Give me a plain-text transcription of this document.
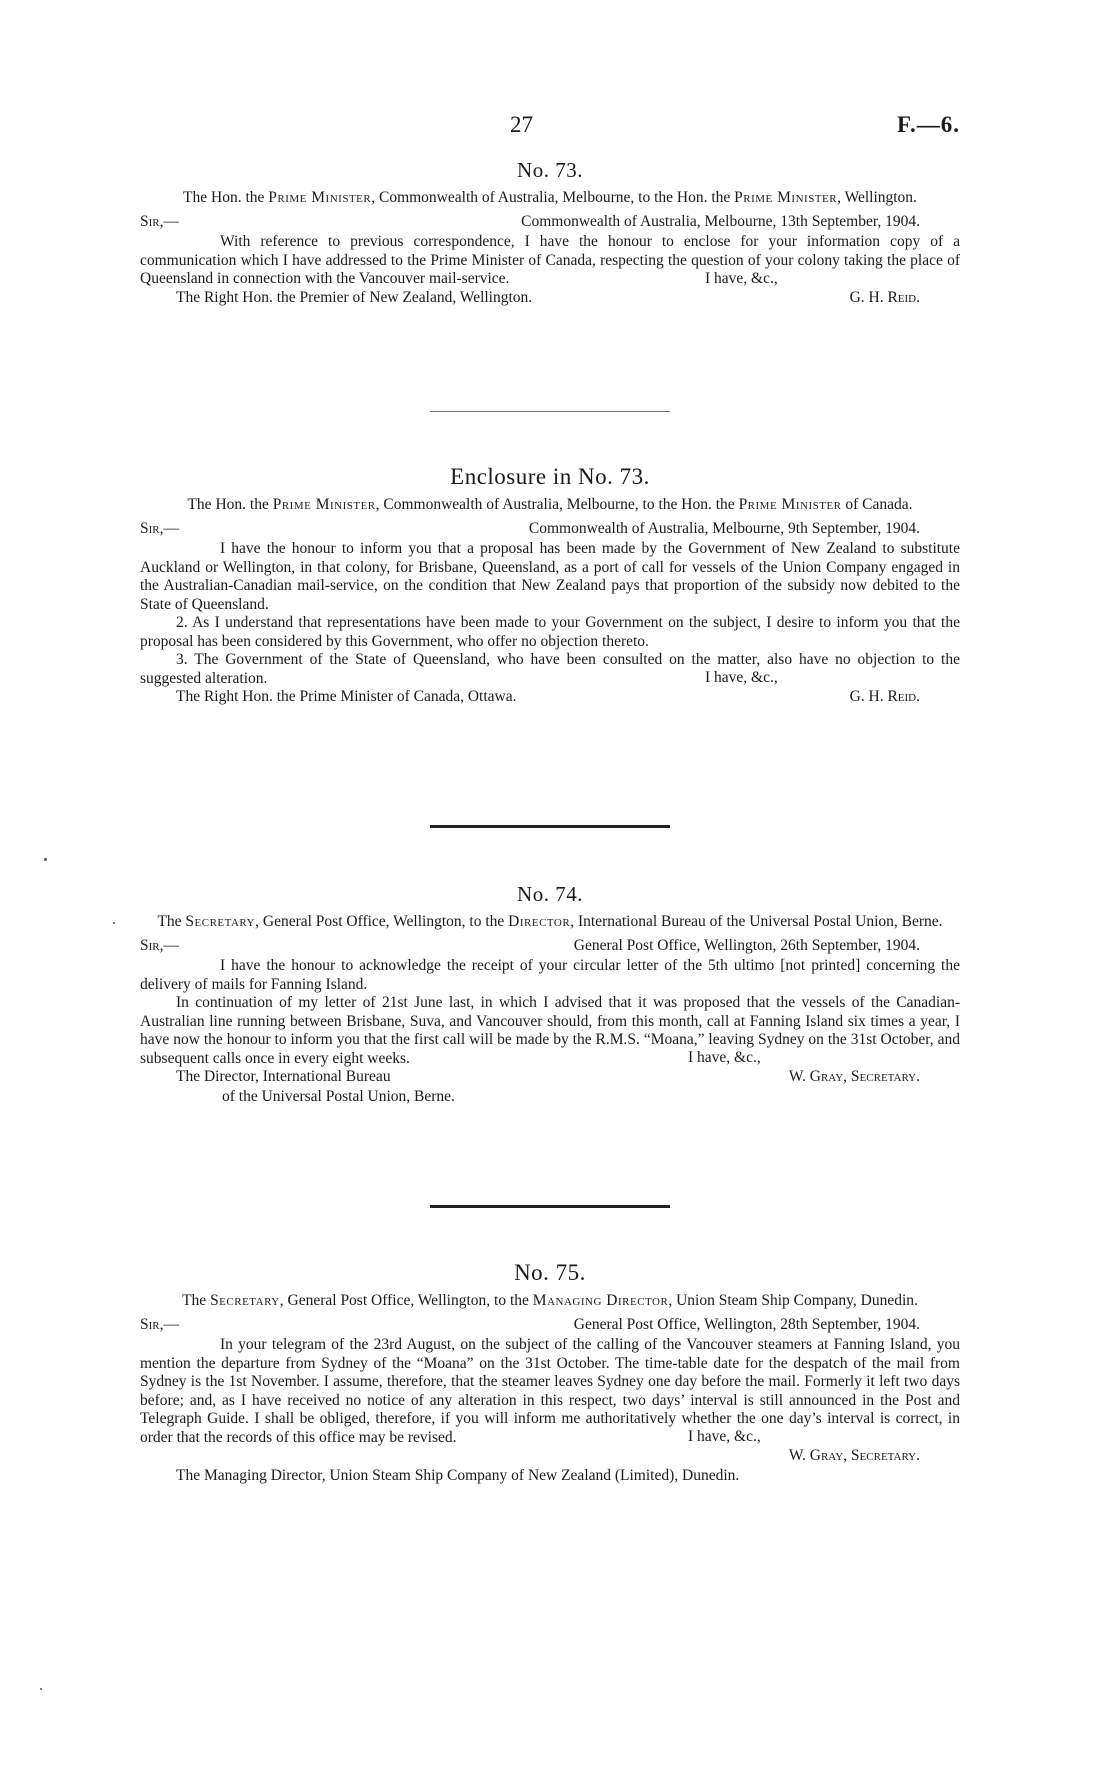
27	F.—6.
No. 73.

The Hon. the Prime Minister, Commonwealth of Australia, Melbourne, to the Hon. the Prime Minister, Wellington.

Sir,—	Commonwealth of Australia, Melbourne, 13th September, 1904.

With reference to previous correspondence, I have the honour to enclose for your information copy of a communication which I have addressed to the Prime Minister of Canada, respecting the question of your colony taking the place of Queensland in connection with the Vancouver mail-service.	I have, &c.,
The Right Hon. the Premier of New Zealand, Wellington.	G. H. Reid.
Enclosure in No. 73.

The Hon. the Prime Minister, Commonwealth of Australia, Melbourne, to the Hon. the Prime Minister of Canada.

Sir,—	Commonwealth of Australia, Melbourne, 9th September, 1904.

I have the honour to inform you that a proposal has been made by the Government of New Zealand to substitute Auckland or Wellington, in that colony, for Brisbane, Queensland, as a port of call for vessels of the Union Company engaged in the Australian-Canadian mail-service, on the condition that New Zealand pays that proportion of the subsidy now debited to the State of Queensland.

2. As I understand that representations have been made to your Government on the subject, I desire to inform you that the proposal has been considered by this Government, who offer no objection thereto.

3. The Government of the State of Queensland, who have been consulted on the matter, also have no objection to the suggested alteration.	I have, &c.,
The Right Hon. the Prime Minister of Canada, Ottawa.	G. H. Reid.
No. 74.

The Secretary, General Post Office, Wellington, to the Director, International Bureau of the Universal Postal Union, Berne.

Sir,—	General Post Office, Wellington, 26th September, 1904.

I have the honour to acknowledge the receipt of your circular letter of the 5th ultimo [not printed] concerning the delivery of mails for Fanning Island.

In continuation of my letter of 21st June last, in which I advised that it was proposed that the vessels of the Canadian-Australian line running between Brisbane, Suva, and Vancouver should, from this month, call at Fanning Island six times a year, I have now the honour to inform you that the first call will be made by the R.M.S. “Moana,” leaving Sydney on the 31st October, and subsequent calls once in every eight weeks.	I have, &c.,
The Director, International Bureau	W. Gray, Secretary.
of the Universal Postal Union, Berne.
No. 75.

The Secretary, General Post Office, Wellington, to the Managing Director, Union Steam Ship Company, Dunedin.

Sir,—	General Post Office, Wellington, 28th September, 1904.

In your telegram of the 23rd August, on the subject of the calling of the Vancouver steamers at Fanning Island, you mention the departure from Sydney of the “Moana” on the 31st October. The time-table date for the despatch of the mail from Sydney is the 1st November. I assume, therefore, that the steamer leaves Sydney one day before the mail. Formerly it left two days before; and, as I have received no notice of any alteration in this respect, two days’ interval is still announced in the Post and Telegraph Guide. I shall be obliged, therefore, if you will inform me authoritatively whether the one day’s interval is correct, in order that the records of this office may be revised.	I have, &c.,
W. Gray, Secretary.
The Managing Director, Union Steam Ship Company of New Zealand (Limited), Dunedin.
